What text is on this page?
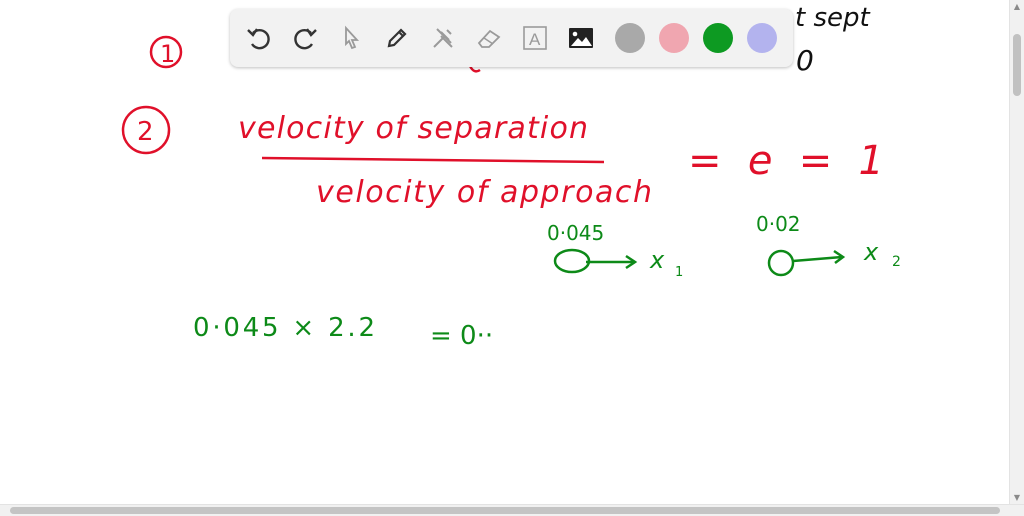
1
t sept
0
2	velocity of separation
velocity of approach
= e = 1
0·045
x 1
0·02
x 2
0·045 × 2.2 = 0··
A
▲
▼
